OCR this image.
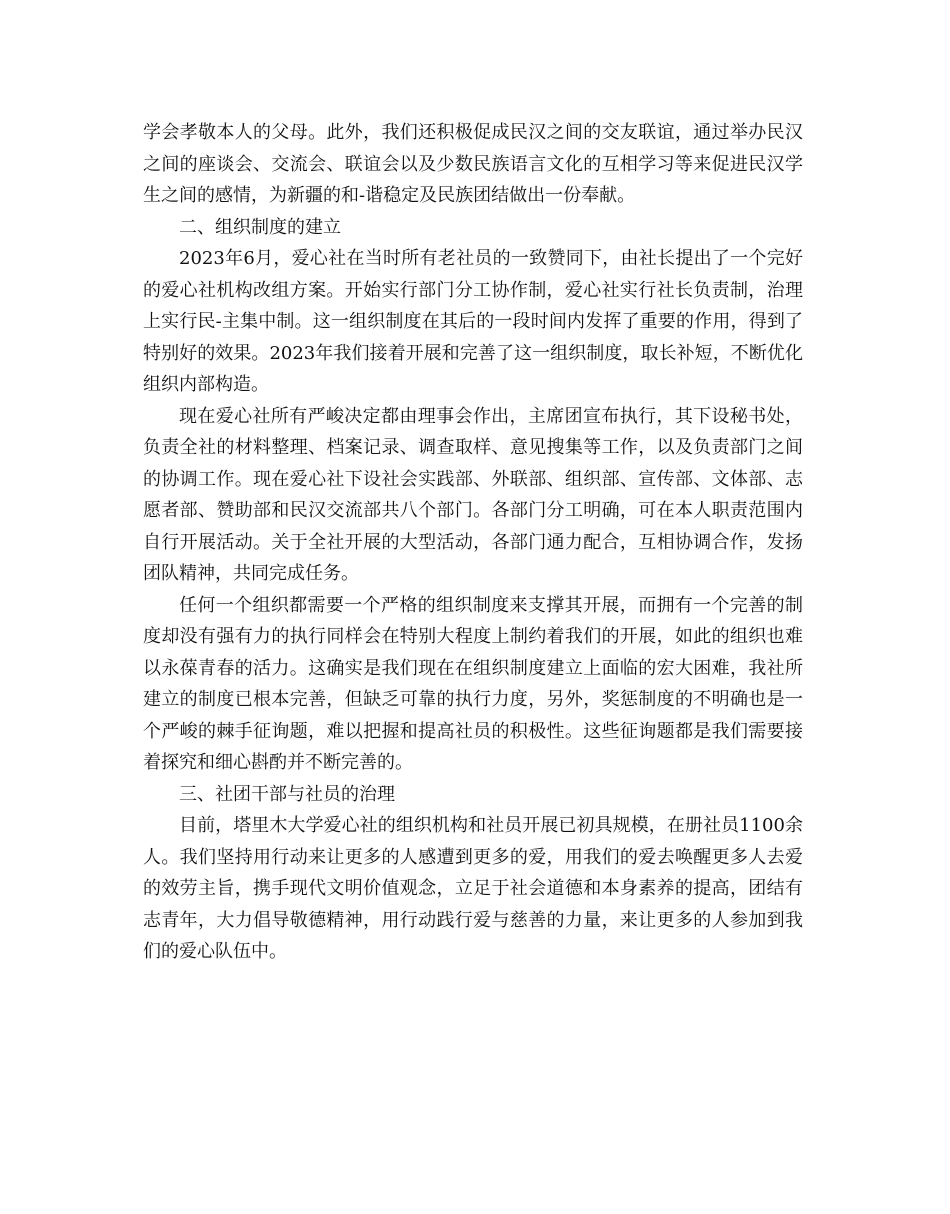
学会孝敬本人的父母。此外，我们还积极促成民汉之间的交友联谊，通过举办民汉之间的座谈会、交流会、联谊会以及少数民族语言文化的互相学习等来促进民汉学生之间的感情，为新疆的和-谐稳定及民族团结做出一份奉献。

二、组织制度的建立

2023年6月，爱心社在当时所有老社员的一致赞同下，由社长提出了一个完好的爱心社机构改组方案。开始实行部门分工协作制，爱心社实行社长负责制，治理上实行民-主集中制。这一组织制度在其后的一段时间内发挥了重要的作用，得到了特别好的效果。2023年我们接着开展和完善了这一组织制度，取长补短，不断优化组织内部构造。

现在爱心社所有严峻决定都由理事会作出，主席团宣布执行，其下设秘书处，负责全社的材料整理、档案记录、调查取样、意见搜集等工作，以及负责部门之间的协调工作。现在爱心社下设社会实践部、外联部、组织部、宣传部、文体部、志愿者部、赞助部和民汉交流部共八个部门。各部门分工明确，可在本人职责范围内自行开展活动。关于全社开展的大型活动，各部门通力配合，互相协调合作，发扬团队精神，共同完成任务。

任何一个组织都需要一个严格的组织制度来支撑其开展，而拥有一个完善的制度却没有强有力的执行同样会在特别大程度上制约着我们的开展，如此的组织也难以永葆青春的活力。这确实是我们现在在组织制度建立上面临的宏大困难，我社所建立的制度已根本完善，但缺乏可靠的执行力度，另外，奖惩制度的不明确也是一个严峻的棘手征询题，难以把握和提高社员的积极性。这些征询题都是我们需要接着探究和细心斟酌并不断完善的。

三、社团干部与社员的治理

目前，塔里木大学爱心社的组织机构和社员开展已初具规模，在册社员1100余人。我们坚持用行动来让更多的人感遭到更多的爱，用我们的爱去唤醒更多人去爱的效劳主旨，携手现代文明价值观念，立足于社会道德和本身素养的提高，团结有志青年，大力倡导敬德精神，用行动践行爱与慈善的力量，来让更多的人参加到我们的爱心队伍中。
